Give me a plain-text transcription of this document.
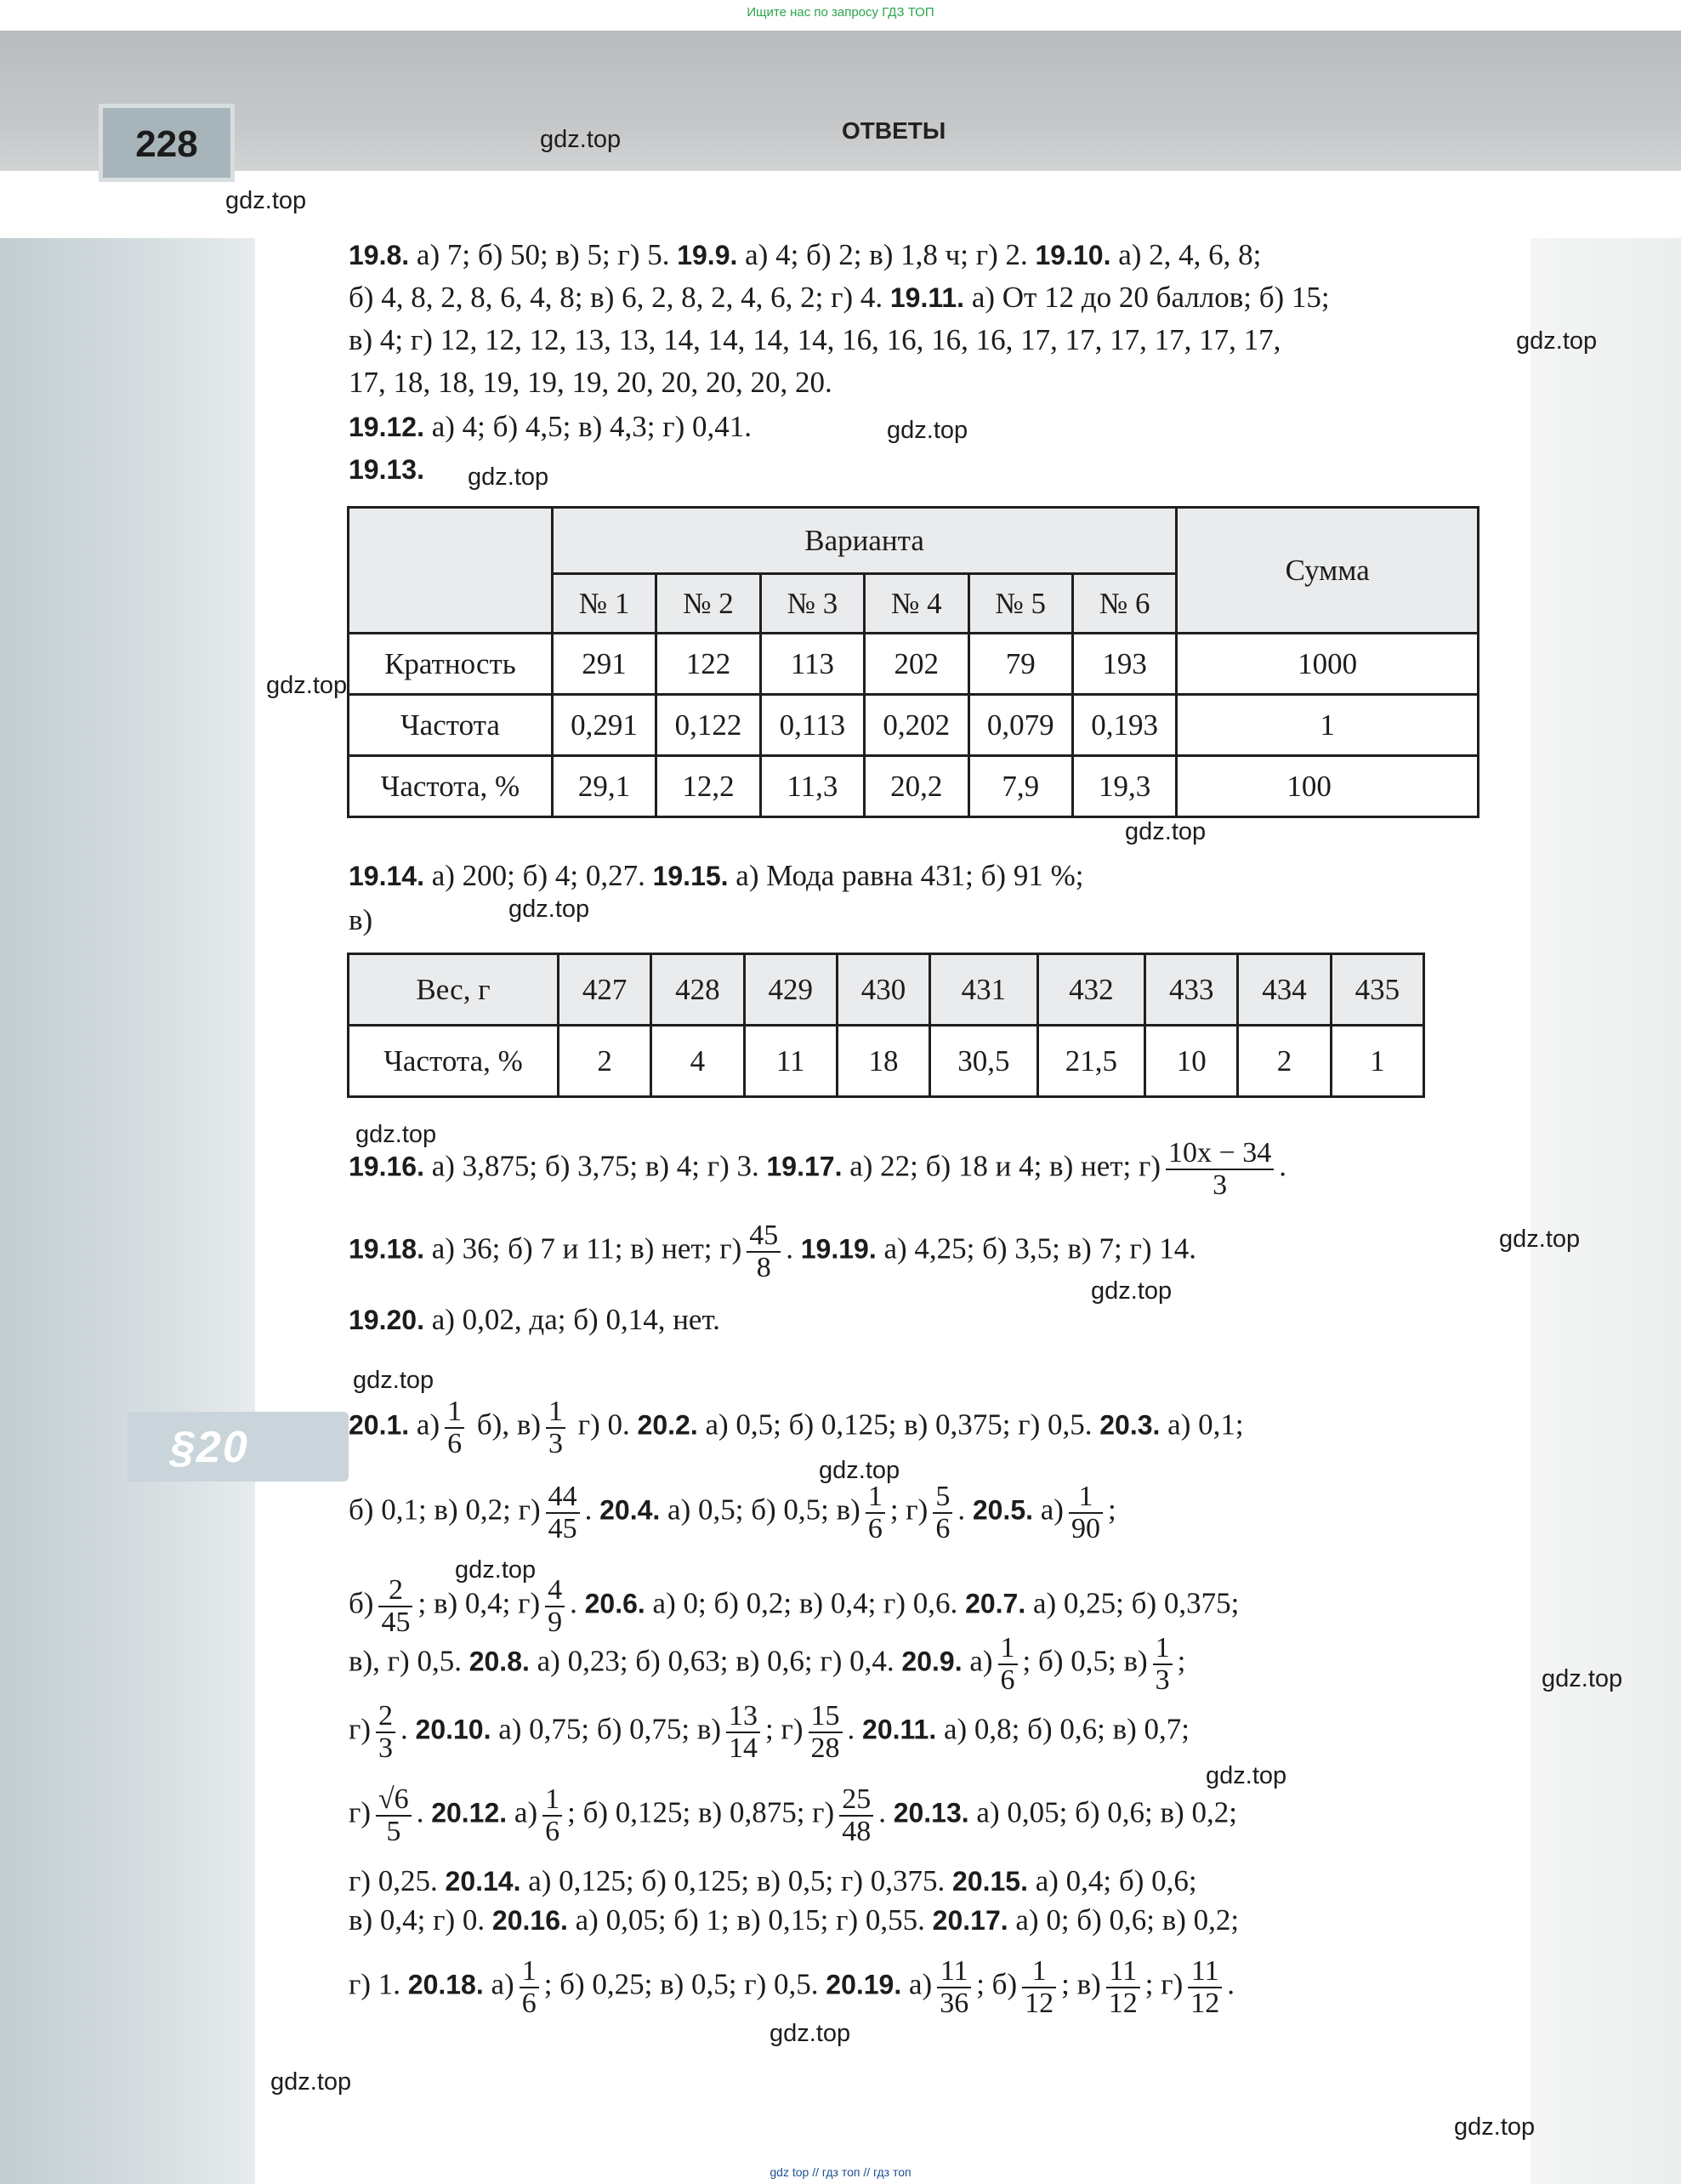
Ищите нас по запросу ГДЗ ТОП
228	ОТВЕТЫ
§20
gdz.top
gdz.top
gdz.top
gdz.top
gdz.top
gdz.top
gdz.top
gdz.top
gdz.top
gdz.top
gdz.top
gdz.top
gdz.top
gdz.top
gdz.top
gdz.top
gdz.top
gdz.top
gdz.top
19.8. а) 7; б) 50; в) 5; г) 5. 19.9. а) 4; б) 2; в) 1,8 ч; г) 2. 19.10. а) 2, 4, 6, 8;
б) 4, 8, 2, 8, 6, 4, 8; в) 6, 2, 8, 2, 4, 6, 2; г) 4. 19.11. а) От 12 до 20 баллов; б) 15;
в) 4; г) 12, 12, 12, 13, 13, 14, 14, 14, 14, 16, 16, 16, 16, 17, 17, 17, 17, 17, 17,
17, 18, 18, 19, 19, 19, 20, 20, 20, 20, 20.
19.12. а) 4; б) 4,5; в) 4,3; г) 0,41.
19.13.
	Варианта						Сумма
	№ 1	№ 2	№ 3	№ 4	№ 5	№ 6	
Кратность	291	122	113	202	79	193	1000
Частота	0,291	0,122	0,113	0,202	0,079	0,193	1
Частота, %	29,1	12,2	11,3	20,2	7,9	19,3	100
19.14. а) 200; б) 4; 0,27. 19.15. а) Мода равна 431; б) 91 %;
в)
Вес, г	427	428	429	430	431	432	433	434	435
Частота, %	2	4	11	18	30,5	21,5	10	2	1
19.16. а) 3,875; б) 3,75; в) 4; г) 3. 19.17. а) 22; б) 18 и 4; в) нет; $г) \frac{10x - 34}{3}$ .
19.18. а) 36; б) 7 и 11; в) нет; $г) \frac{45}{8}$ . 19.19. а) 4,25; б) 3,5; в) 7; г) 14.
19.20. а) 0,02, да; б) 0,14, нет.
20.1. $а) \frac{1}{6} б$), $в) \frac{1}{3} г$) 0. 20.2. а) 0,5; б) 0,125; в) 0,375; г) 0,5. 20.3. а) 0,1;
б) 0,1; в) 0,2; $г) \frac{44}{45}$ . 20.4. а) 0,5; б) 0,5; $в) \frac{1}{6}$ ; $г) \frac{5}{6}$ . 20.5. $а) \frac{1}{90}$ ;
$б) \frac{2}{45}$ ; в) 0,4; $г) \frac{4}{9}$ . 20.6. а) 0; б) 0,2; в) 0,4; г) 0,6. 20.7. а) 0,25; б) 0,375;
в), г) 0,5. 20.8. а) 0,23; б) 0,63; в) 0,6; г) 0,4. 20.9. $а) \frac{1}{6}$ ; б) 0,5; $в) \frac{1}{3}$ ;
$г) \frac{2}{3}$ . 20.10. а) 0,75; б) 0,75; $в) \frac{13}{14}$ ; $г) \frac{15}{28}$ . 20.11. а) 0,8; б) 0,6; в) 0,7;
$г) \frac{√6}{5}$ . 20.12. $а) \frac{1}{6}$ ; б) 0,125; в) 0,875; $г) \frac{25}{48}$ . 20.13. а) 0,05; б) 0,6; в) 0,2;
г) 0,25. 20.14. а) 0,125; б) 0,125; в) 0,5; г) 0,375. 20.15. а) 0,4; б) 0,6;
в) 0,4; г) 0. 20.16. а) 0,05; б) 1; в) 0,15; г) 0,55. 20.17. а) 0; б) 0,6; в) 0,2;
г) 1. 20.18. $а) \frac{1}{6}$ ; б) 0,25; в) 0,5; г) 0,5. 20.19. $а) \frac{11}{36}$ ; $б) \frac{1}{12}$ ; $в) \frac{11}{12}$ ; $г) \frac{11}{12}$ .
gdz top // гдз топ // гдз топ
